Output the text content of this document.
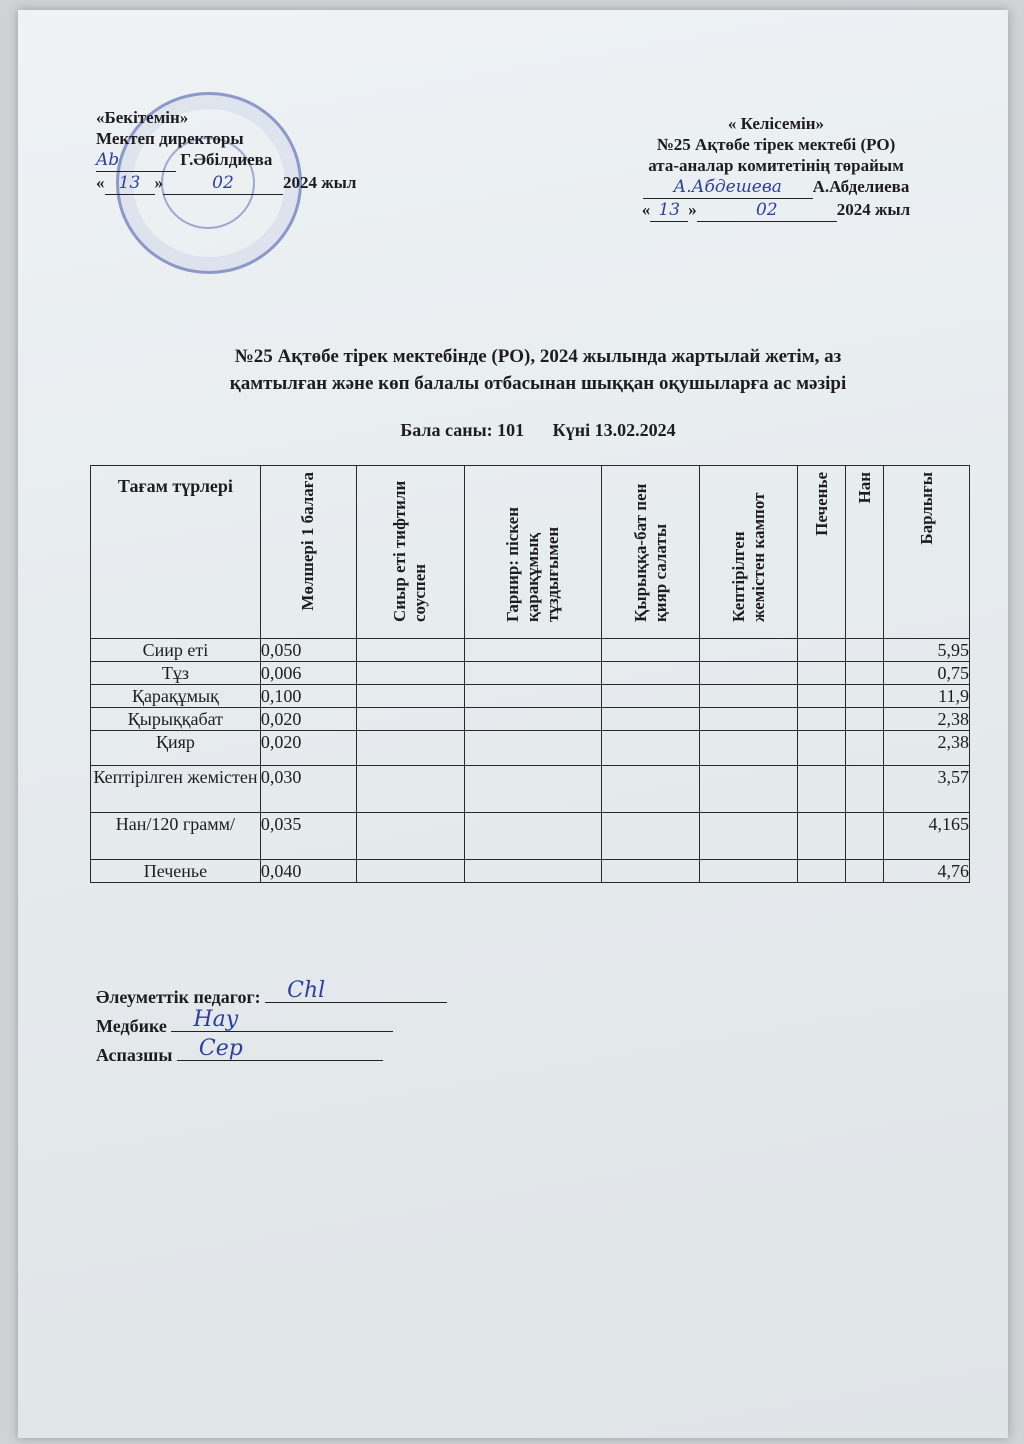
«Бекітемін»
Мектеп директоры
Ab	Г.Әбілдиева
« 13 »	02	2024 жыл
« Келісемін»
№25 Ақтөбе тірек мектебі (РО)
ата-аналар комитетінің төрайым
А.Абдешева А.Абделиева
« 13 »	02	2024 жыл
№25 Ақтөбе тірек мектебінде (РО), 2024 жылында жартылай жетім, аз
қамтылған және көп балалы отбасынан шыққан оқушыларға ас мәзірі
Бала саны: 101 Күні 13.02.2024
Тағам түрлері	Мөлшері 1 балаға	Сиыр еті тифтили соуспен	Гарнир: піскен қарақұмық тұздығымен	Қырыққа-бат пен қияр салаты	Кептірілген жемістен кампот	Печенье	Нан	Барлығы

Сиир еті	0,050							5,95
Тұз	0,006							0,75
Қарақұмық	0,100							11,9
Қырыққабат	0,020							2,38
Қияр	0,020							2,38
Кептірілген жемістен	0,030							3,57
Нан/120 грамм/	0,035							4,165
Печенье	0,040							4,76
Әлеуметтік педагог: Сhl
Медбике Нау
Аспазшы Сер
